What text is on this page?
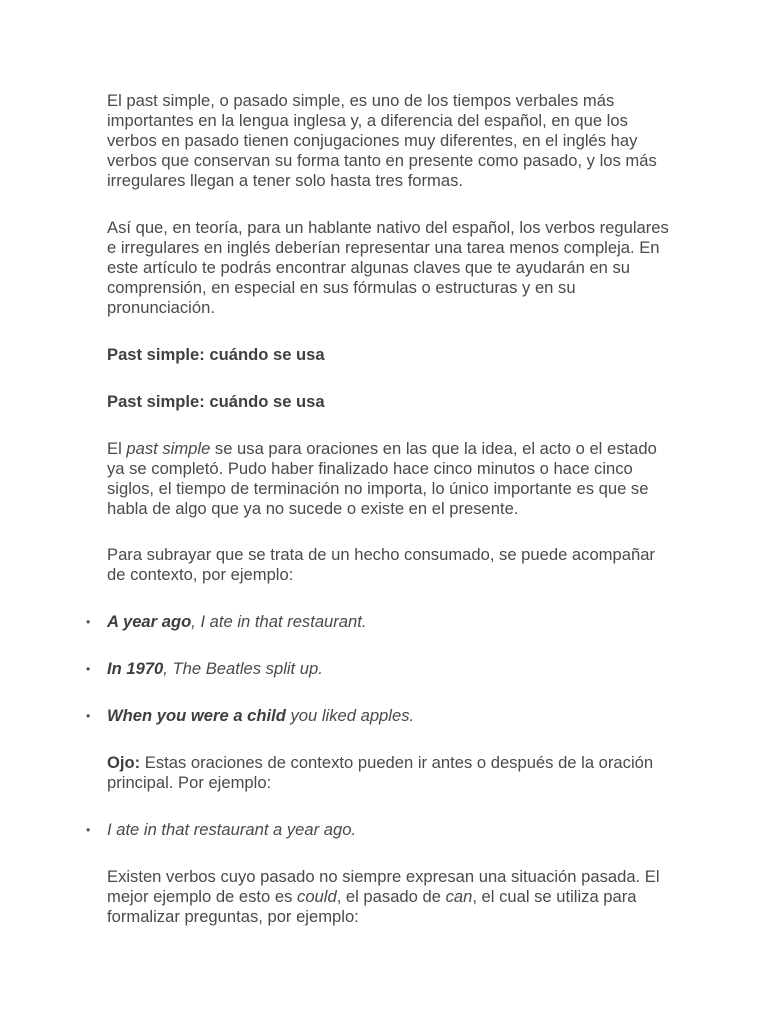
El past simple, o pasado simple, es uno de los tiempos verbales más importantes en la lengua inglesa y, a diferencia del español, en que los verbos en pasado tienen conjugaciones muy diferentes, en el inglés hay verbos que conservan su forma tanto en presente como pasado, y los más irregulares llegan a tener solo hasta tres formas.

Así que, en teoría, para un hablante nativo del español, los verbos regulares e irregulares en inglés deberían representar una tarea menos compleja. En este artículo te podrás encontrar algunas claves que te ayudarán en su comprensión, en especial en sus fórmulas o estructuras y en su pronunciación.

Past simple: cuándo se usa

Past simple: cuándo se usa

El past simple se usa para oraciones en las que la idea, el acto o el estado ya se completó. Pudo haber finalizado hace cinco minutos o hace cinco siglos, el tiempo de terminación no importa, lo único importante es que se habla de algo que ya no sucede o existe en el presente.

Para subrayar que se trata de un hecho consumado, se puede acompañar de contexto, por ejemplo:

• A year ago, I ate in that restaurant.
• In 1970, The Beatles split up.
• When you were a child you liked apples.

Ojo: Estas oraciones de contexto pueden ir antes o después de la oración principal. Por ejemplo:

• I ate in that restaurant a year ago.

Existen verbos cuyo pasado no siempre expresan una situación pasada. El mejor ejemplo de esto es could, el pasado de can, el cual se utiliza para formalizar preguntas, por ejemplo:
